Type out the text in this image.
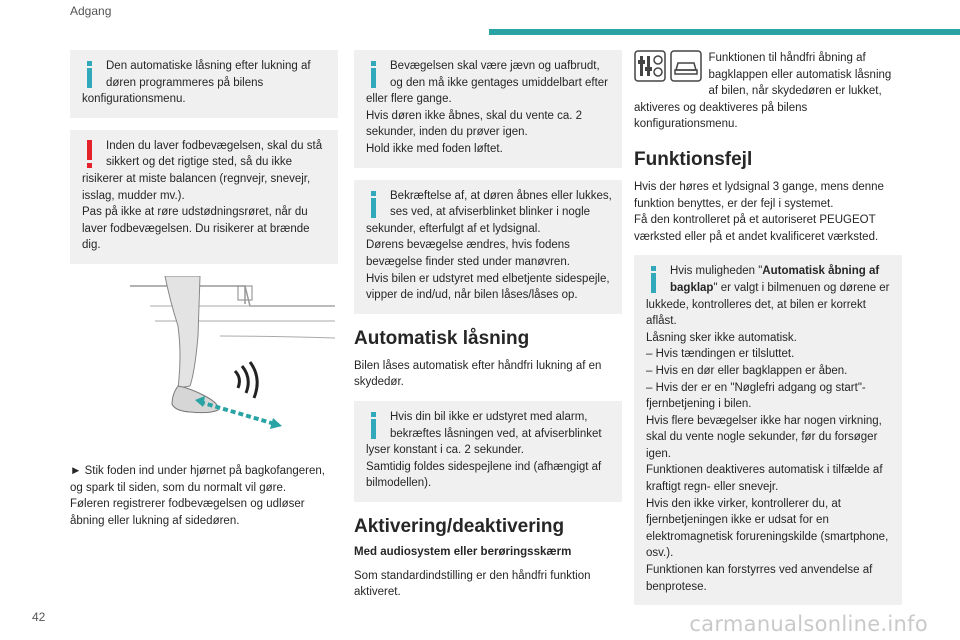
Adgang

Den automatiske låsning efter lukning af døren programmeres på bilens konfigurationsmenu.

Inden du laver fodbevægelsen, skal du stå sikkert og det rigtige sted, så du ikke risikerer at miste balancen (regnvejr, snevejr, isslag, mudder mv.).
Pas på ikke at røre udstødningsrøret, når du laver fodbevægelsen. Du risikerer at brænde dig.

► Stik foden ind under hjørnet på bagkofangeren, og spark til siden, som du normalt vil gøre.
Føleren registrerer fodbevægelsen og udløser åbning eller lukning af sidedøren.

Bevægelsen skal være jævn og uafbrudt, og den må ikke gentages umiddelbart efter eller flere gange.
Hvis døren ikke åbnes, skal du vente ca. 2 sekunder, inden du prøver igen.
Hold ikke med foden løftet.

Bekræftelse af, at døren åbnes eller lukkes, ses ved, at afviserblinket blinker i nogle sekunder, efterfulgt af et lydsignal.
Dørens bevægelse ændres, hvis fodens bevægelse finder sted under manøvren.
Hvis bilen er udstyret med elbetjente sidespejle, vipper de ind/ud, når bilen låses/låses op.

Automatisk låsning

Bilen låses automatisk efter håndfri lukning af en skydedør.

Hvis din bil ikke er udstyret med alarm, bekræftes låsningen ved, at afviserblinket lyser konstant i ca. 2 sekunder.
Samtidig foldes sidespejlene ind (afhængigt af bilmodellen).

Aktivering/deaktivering
Med audiosystem eller berøringsskærm

Som standardindstilling er den håndfri funktion aktiveret.

Funktionen til håndfri åbning af bagklappen eller automatisk låsning af bilen, når skydedøren er lukket, aktiveres og deaktiveres på bilens konfigurationsmenu.

Funktionsfejl

Hvis der høres et lydsignal 3 gange, mens denne funktion benyttes, er der fejl i systemet.
Få den kontrolleret på et autoriseret PEUGEOT værksted eller på et andet kvalificeret værksted.

Hvis muligheden "Automatisk åbning af bagklap" er valgt i bilmenuen og dørene er lukkede, kontrolleres det, at bilen er korrekt aflåst.
Låsning sker ikke automatisk.
– Hvis tændingen er tilsluttet.
– Hvis en dør eller bagklappen er åben.
– Hvis der er en "Nøglefri adgang og start"-fjernbetjening i bilen.
Hvis flere bevægelser ikke har nogen virkning, skal du vente nogle sekunder, før du forsøger igen.
Funktionen deaktiveres automatisk i tilfælde af kraftigt regn- eller snevejr.
Hvis den ikke virker, kontrollerer du, at fjernbetjeningen ikke er udsat for en elektromagnetisk forureningskilde (smartphone, osv.).
Funktionen kan forstyrres ved anvendelse af benprotese.

42	carmanualsonline.info
